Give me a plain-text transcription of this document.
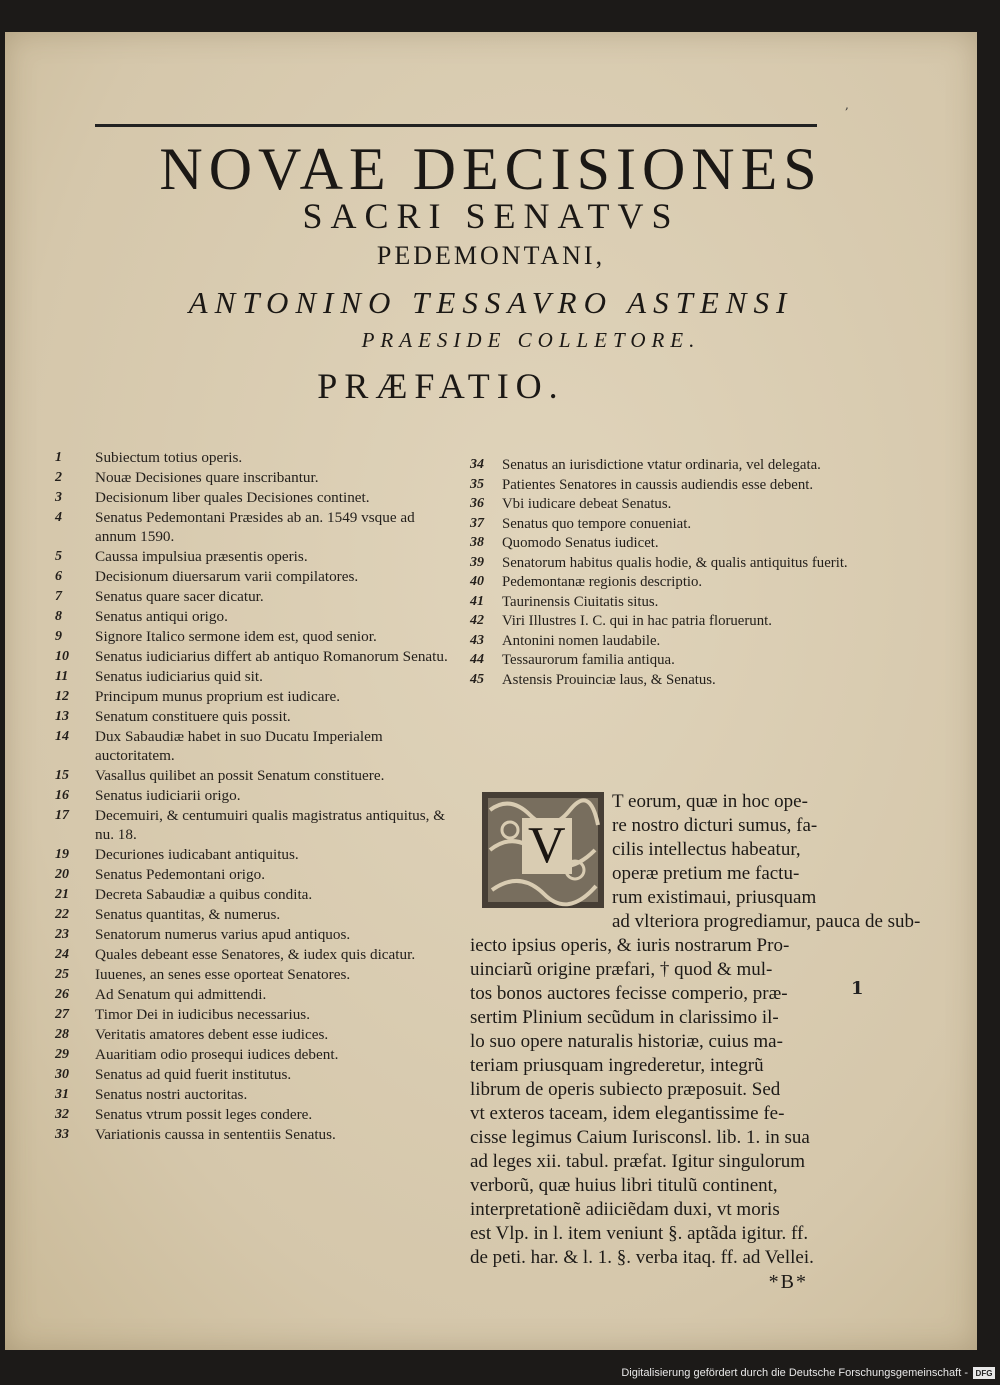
,
NOVAE DECISIONES
SACRI SENATVS
PEDEMONTANI,
ANTONINO TESSAVRO ASTENSI
PRAESIDE COLLETORE.
PRÆFATIO.
1	Subiectum totius operis.
2	Nouæ Decisiones quare inscribantur.
3	Decisionum liber quales Decisiones continet.
4	Senatus Pedemontani Præsides ab an. 1549 vsque ad annum 1590.
5	Caussa impulsiua præsentis operis.
6	Decisionum diuersarum varii compilatores.
7	Senatus quare sacer dicatur.
8	Senatus antiqui origo.
9	Signore Italico sermone idem est, quod senior.
10	Senatus iudiciarius differt ab antiquo Romanorum Senatu.
11	Senatus iudiciarius quid sit.
12	Principum munus proprium est iudicare.
13	Senatum constituere quis possit.
14	Dux Sabaudiæ habet in suo Ducatu Imperialem auctoritatem.
15	Vasallus quilibet an possit Senatum constituere.
16	Senatus iudiciarii origo.
17	Decemuiri, & centumuiri qualis magistratus antiquitus, & nu. 18.
19	Decuriones iudicabant antiquitus.
20	Senatus Pedemontani origo.
21	Decreta Sabaudiæ a quibus condita.
22	Senatus quantitas, & numerus.
23	Senatorum numerus varius apud antiquos.
24	Quales debeant esse Senatores, & iudex quis dicatur.
25	Iuuenes, an senes esse oporteat Senatores.
26	Ad Senatum qui admittendi.
27	Timor Dei in iudicibus necessarius.
28	Veritatis amatores debent esse iudices.
29	Auaritiam odio prosequi iudices debent.
30	Senatus ad quid fuerit institutus.
31	Senatus nostri auctoritas.
32	Senatus vtrum possit leges condere.
33	Variationis caussa in sententiis Senatus.
34	Senatus an iurisdictione vtatur ordinaria, vel delegata.
35	Patientes Senatores in caussis audiendis esse debent.
36	Vbi iudicare debeat Senatus.
37	Senatus quo tempore conueniat.
38	Quomodo Senatus iudicet.
39	Senatorum habitus qualis hodie, & qualis antiquitus fuerit.
40	Pedemontanæ regionis descriptio.
41	Taurinensis Ciuitatis situs.
42	Viri Illustres I. C. qui in hac patria floruerunt.
43	Antonini nomen laudabile.
44	Tessaurorum familia antiqua.
45	Astensis Prouinciæ laus, & Senatus.
V
T eorum, quæ in hoc ope-
re nostro dicturi sumus, fa-
cilis intellectus habeatur,
operæ pretium me factu-
rum existimaui, priusquam
ad vlteriora progrediamur, pauca de sub-
iecto ipsius operis, & iuris nostrarum Pro-
uinciarũ origine præfari, † quod & mul-
tos bonos auctores fecisse comperio, præ-
sertim Plinium secũdum in clarissimo il-
lo suo opere naturalis historiæ, cuius ma-
teriam priusquam ingrederetur, integrũ
librum de operis subiecto præposuit. Sed
vt exteros taceam, idem elegantissime fe-
cisse legimus Caium Iurisconsl. lib. 1. in sua
ad leges xii. tabul. præfat. Igitur singulorum
verborũ, quæ huius libri titulũ continent,
interpretationẽ adiiciẽdam duxi, vt moris
est Vlp. in l. item veniunt §. aptãda igitur. ff.
de peti. har. & l. 1. §. verba itaq. ff. ad Vellei.
*B*
1
Digitalisierung gefördert durch die Deutsche Forschungsgemeinschaft - DFG
